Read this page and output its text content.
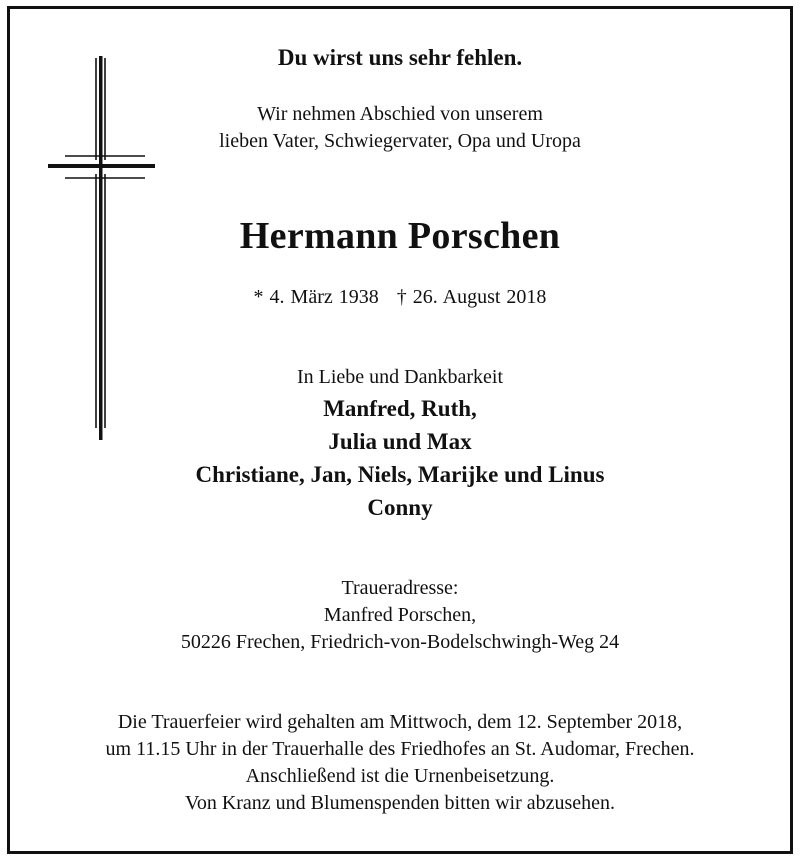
Du wirst uns sehr fehlen.
Wir nehmen Abschied von unserem
lieben Vater, Schwiegervater, Opa und Uropa
Hermann Porschen
* 4. März 1938 † 26. August 2018
In Liebe und Dankbarkeit
Manfred, Ruth,
Julia und Max
Christiane, Jan, Niels, Marijke und Linus
Conny
Traueradresse:
Manfred Porschen,
50226 Frechen, Friedrich-von-Bodelschwingh-Weg 24
Die Trauerfeier wird gehalten am Mittwoch, dem 12. September 2018,
um 11.15 Uhr in der Trauerhalle des Friedhofes an St. Audomar, Frechen.
Anschließend ist die Urnenbeisetzung.
Von Kranz und Blumenspenden bitten wir abzusehen.
